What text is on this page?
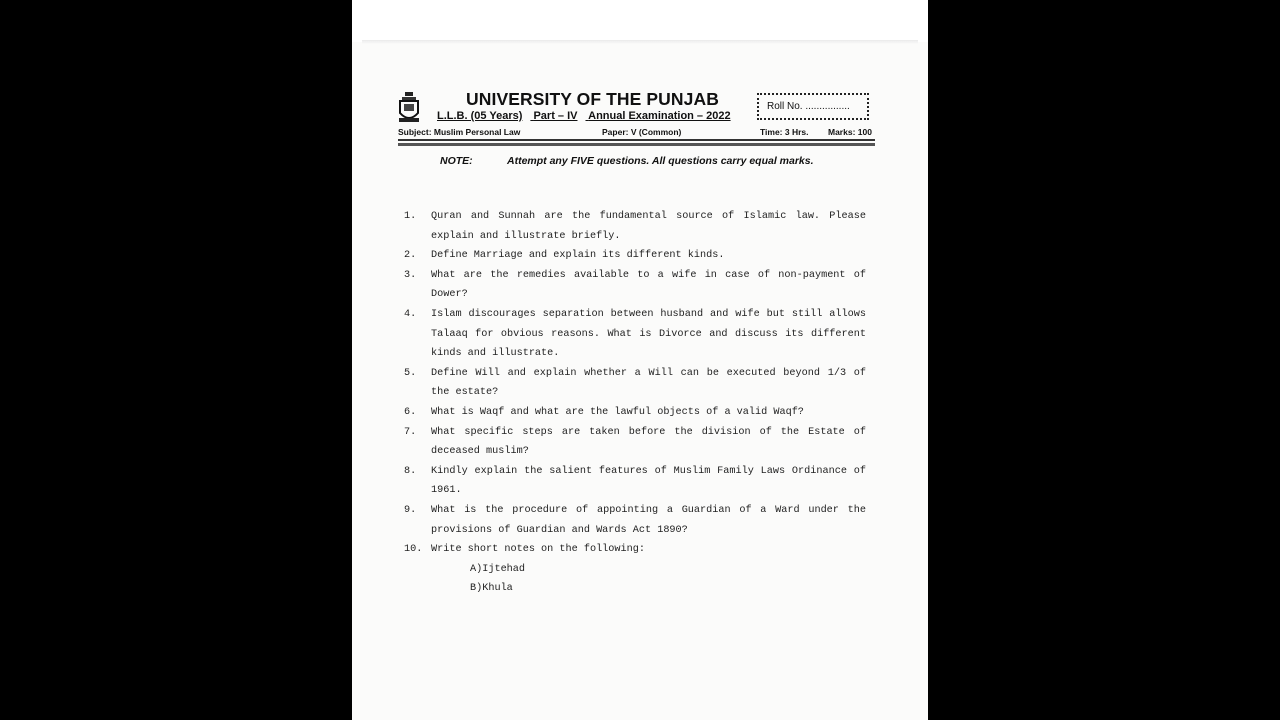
UNIVERSITY OF THE PUNJAB
L.L.B. (05 Years) Part – IV Annual Examination – 2022
Roll No. ................
Subject: Muslim Personal Law	Paper: V (Common)	Time: 3 Hrs. Marks: 100
NOTE:	Attempt any FIVE questions. All questions carry equal marks.
1.	Quran and Sunnah are the fundamental source of Islamic law. Please explain and illustrate briefly.
2.	Define Marriage and explain its different kinds.
3.	What are the remedies available to a wife in case of non-payment of Dower?
4.	Islam discourages separation between husband and wife but still allows Talaaq for obvious reasons. What is Divorce and discuss its different kinds and illustrate.
5.	Define Will and explain whether a Will can be executed beyond 1/3 of the estate?
6.	What is Waqf and what are the lawful objects of a valid Waqf?
7.	What specific steps are taken before the division of the Estate of deceased muslim?
8.	Kindly explain the salient features of Muslim Family Laws Ordinance of 1961.
9.	What is the procedure of appointing a Guardian of a Ward under the provisions of Guardian and Wards Act 1890?
10. Write short notes on the following:
A)Ijtehad
B)Khula
